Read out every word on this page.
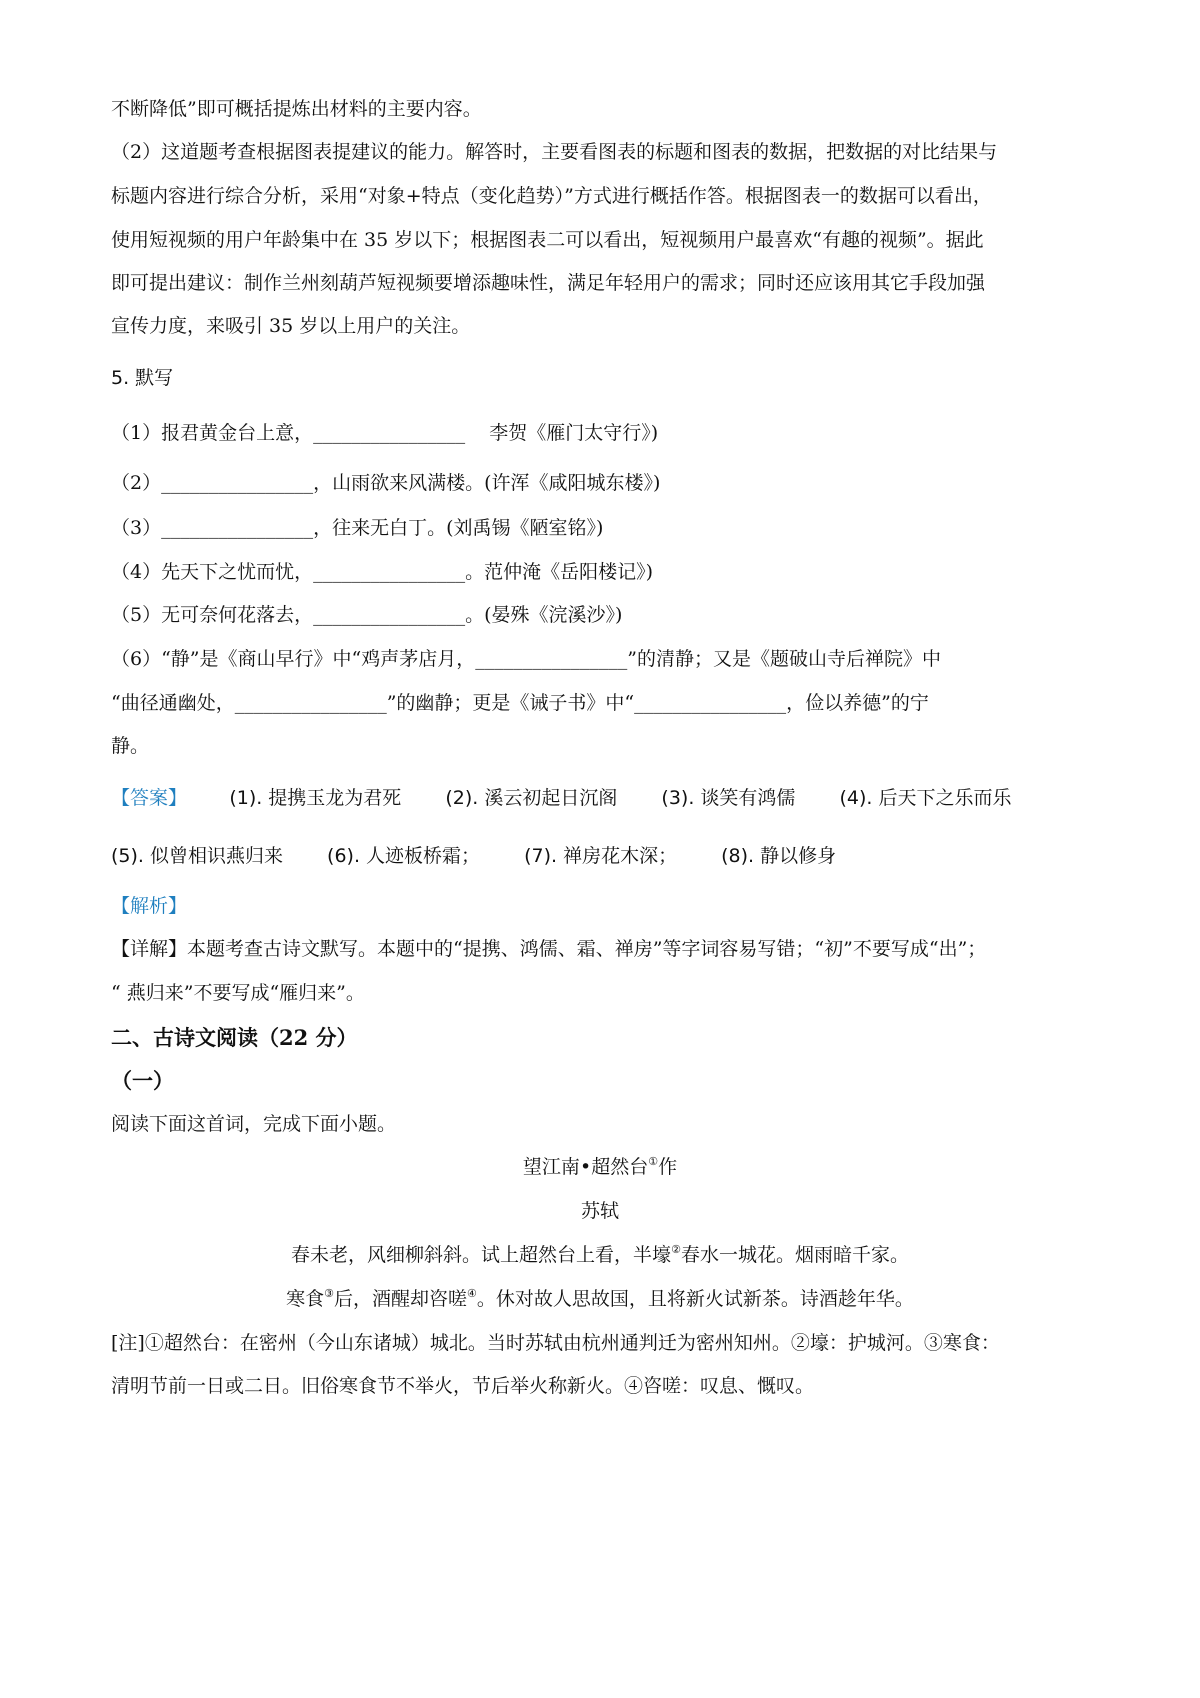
不断降低”即可概括提炼出材料的主要内容。
（2）这道题考查根据图表提建议的能力。解答时，主要看图表的标题和图表的数据，把数据的对比结果与
标题内容进行综合分析，采用“对象+特点（变化趋势）”方式进行概括作答。根据图表一的数据可以看出，
使用短视频的用户年龄集中在 35 岁以下；根据图表二可以看出，短视频用户最喜欢“有趣的视频”。据此
即可提出建议：制作兰州刻葫芦短视频要增添趣味性，满足年轻用户的需求；同时还应该用其它手段加强
宣传力度，来吸引 35 岁以上用户的关注。
5. 默写
（1）报君黄金台上意，________________    李贺《雁门太守行》)
（2）________________，山雨欲来风满楼。(许浑《咸阳城东楼》)
（3）________________，往来无白丁。(刘禹锡《陋室铭》)
（4）先天下之忧而忧，________________。范仲淹《岳阳楼记》)
（5）无可奈何花落去，________________。(晏殊《浣溪沙》)
（6）“静”是《商山早行》中“鸡声茅店月，________________”的清静；又是《题破山寺后禅院》中
“曲径通幽处，________________”的幽静；更是《诫子书》中“________________，俭以养德”的宁
静。
【答案】 (1). 提携玉龙为君死 (2). 溪云初起日沉阁 (3). 谈笑有鸿儒 (4). 后天下之乐而乐
(5). 似曾相识燕归来 (6). 人迹板桥霜； (7). 禅房花木深； (8). 静以修身
【解析】
【详解】本题考查古诗文默写。本题中的“提携、鸿儒、霜、禅房”等字词容易写错；“初”不要写成“出”；
“ 燕归来”不要写成“雁归来”。
二、古诗文阅读（22 分）
（一）
阅读下面这首词，完成下面小题。
望江南•超然台①作
苏轼
春未老，风细柳斜斜。试上超然台上看，半壕②春水一城花。烟雨暗千家。
寒食③后，酒醒却咨嗟④。休对故人思故国，且将新火试新茶。诗酒趁年华。
[注]①超然台：在密州（今山东诸城）城北。当时苏轼由杭州通判迁为密州知州。②壕：护城河。③寒食：
清明节前一日或二日。旧俗寒食节不举火，节后举火称新火。④咨嗟：叹息、慨叹。
